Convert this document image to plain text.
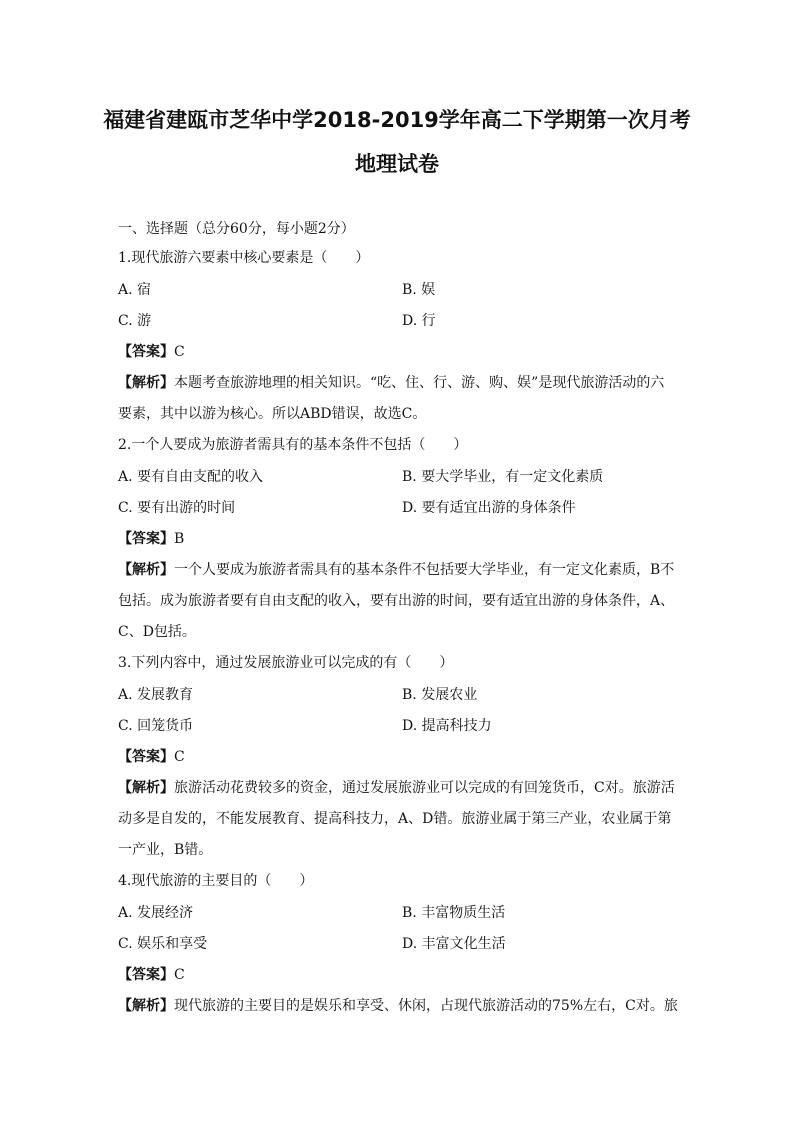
福建省建瓯市芝华中学2018-2019学年高二下学期第一次月考
地理试卷
一、选择题（总分60分，每小题2分）
1.现代旅游六要素中核心要素是（　　）
A. 宿	B. 娱
C. 游	D. 行
【答案】C
【解析】本题考查旅游地理的相关知识。“吃、住、行、游、购、娱”是现代旅游活动的六
要素，其中以游为核心。所以ABD错误，故选C。
2.一个人要成为旅游者需具有的基本条件不包括（　　）
A. 要有自由支配的收入	B. 要大学毕业，有一定文化素质
C. 要有出游的时间	D. 要有适宜出游的身体条件
【答案】B
【解析】一个人要成为旅游者需具有的基本条件不包括要大学毕业，有一定文化素质，B不
包括。成为旅游者要有自由支配的收入，要有出游的时间，要有适宜出游的身体条件，A、
C、D包括。
3.下列内容中，通过发展旅游业可以完成的有（　　）
A. 发展教育	B. 发展农业
C. 回笼货币	D. 提高科技力
【答案】C
【解析】旅游活动花费较多的资金，通过发展旅游业可以完成的有回笼货币，C对。旅游活
动多是自发的，不能发展教育、提高科技力，A、D错。旅游业属于第三产业，农业属于第
一产业，B错。
4.现代旅游的主要目的（　　）
A. 发展经济	B. 丰富物质生活
C. 娱乐和享受	D. 丰富文化生活
【答案】C
【解析】现代旅游的主要目的是娱乐和享受、休闲，占现代旅游活动的75%左右，C对。旅
